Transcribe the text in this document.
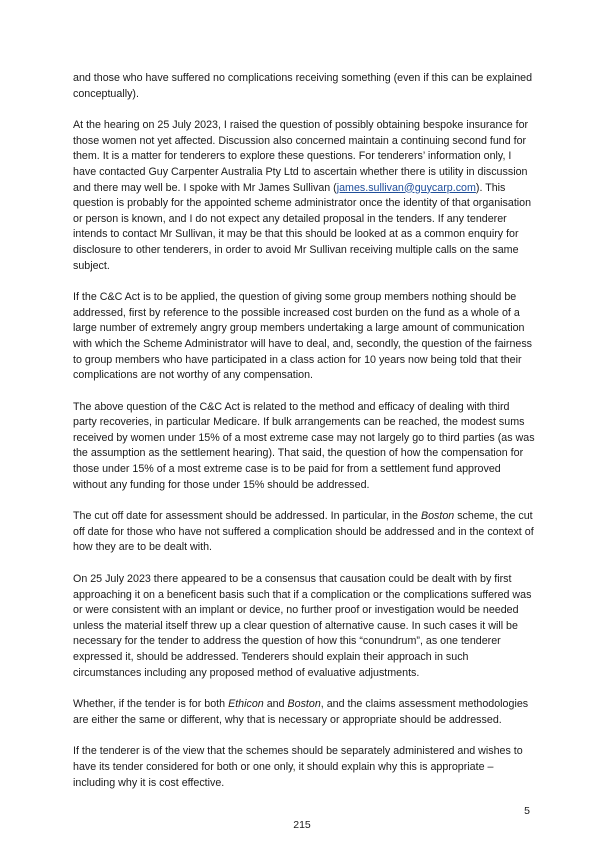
and those who have suffered no complications receiving something (even if this can be explained conceptually).

At the hearing on 25 July 2023, I raised the question of possibly obtaining bespoke insurance for those women not yet affected. Discussion also concerned maintain a continuing second fund for them. It is a matter for tenderers to explore these questions. For tenderers’ information only, I have contacted Guy Carpenter Australia Pty Ltd to ascertain whether there is utility in discussion and there may well be. I spoke with Mr James Sullivan (james.sullivan@guycarp.com). This question is probably for the appointed scheme administrator once the identity of that organisation or person is known, and I do not expect any detailed proposal in the tenders. If any tenderer intends to contact Mr Sullivan, it may be that this should be looked at as a common enquiry for disclosure to other tenderers, in order to avoid Mr Sullivan receiving multiple calls on the same subject.

If the C&C Act is to be applied, the question of giving some group members nothing should be addressed, first by reference to the possible increased cost burden on the fund as a whole of a large number of extremely angry group members undertaking a large amount of communication with which the Scheme Administrator will have to deal, and, secondly, the question of the fairness to group members who have participated in a class action for 10 years now being told that their complications are not worthy of any compensation.

The above question of the C&C Act is related to the method and efficacy of dealing with third party recoveries, in particular Medicare. If bulk arrangements can be reached, the modest sums received by women under 15% of a most extreme case may not largely go to third parties (as was the assumption as the settlement hearing). That said, the question of how the compensation for those under 15% of a most extreme case is to be paid for from a settlement fund approved without any funding for those under 15% should be addressed.

The cut off date for assessment should be addressed. In particular, in the Boston scheme, the cut off date for those who have not suffered a complication should be addressed and in the context of how they are to be dealt with.

On 25 July 2023 there appeared to be a consensus that causation could be dealt with by first approaching it on a beneficent basis such that if a complication or the complications suffered was or were consistent with an implant or device, no further proof or investigation would be needed unless the material itself threw up a clear question of alternative cause. In such cases it will be necessary for the tender to address the question of how this “conundrum”, as one tenderer expressed it, should be addressed. Tenderers should explain their approach in such circumstances including any proposed method of evaluative adjustments.

Whether, if the tender is for both Ethicon and Boston, and the claims assessment methodologies are either the same or different, why that is necessary or appropriate should be addressed.

If the tenderer is of the view that the schemes should be separately administered and wishes to have its tender considered for both or one only, it should explain why this is appropriate – including why it is cost effective.

5
215
